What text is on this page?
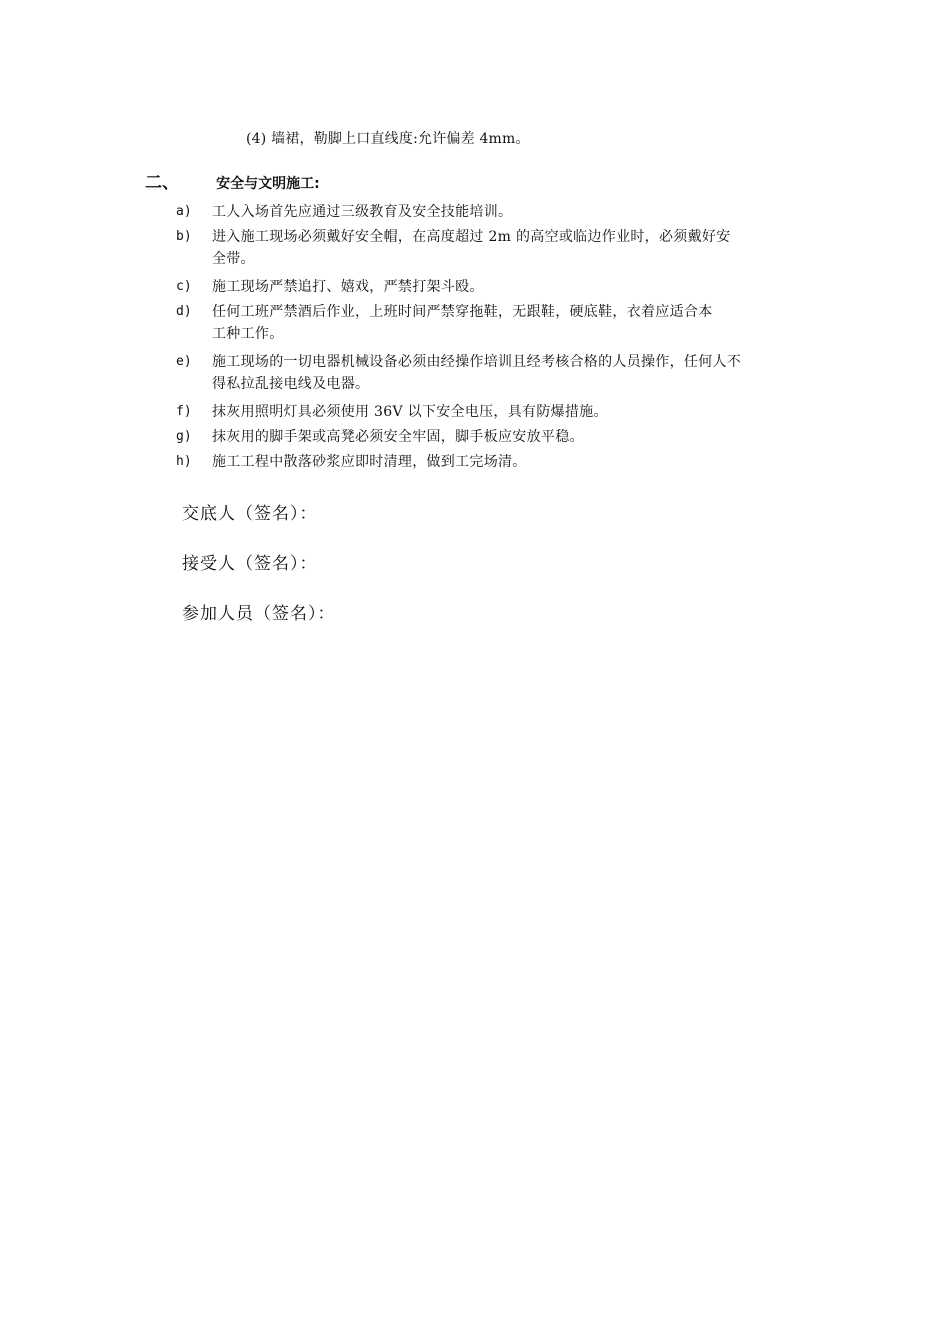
(4) 墙裙，勒脚上口直线度:允许偏差 4mm。
二、	安全与文明施工:
a) 工人入场首先应通过三级教育及安全技能培训。
b) 进入施工现场必须戴好安全帽，在高度超过 2m 的高空或临边作业时，必须戴好安
全带。
c) 施工现场严禁追打、嬉戏，严禁打架斗殴。
d) 任何工班严禁酒后作业，上班时间严禁穿拖鞋，无跟鞋，硬底鞋，衣着应适合本
工种工作。
e) 施工现场的一切电器机械设备必须由经操作培训且经考核合格的人员操作，任何人不
得私拉乱接电线及电器。
f) 抹灰用照明灯具必须使用 36V 以下安全电压，具有防爆措施。
g) 抹灰用的脚手架或高凳必须安全牢固，脚手板应安放平稳。
h) 施工工程中散落砂浆应即时清理，做到工完场清。
交底人（签名）：
接受人（签名）：
参加人员（签名）：
